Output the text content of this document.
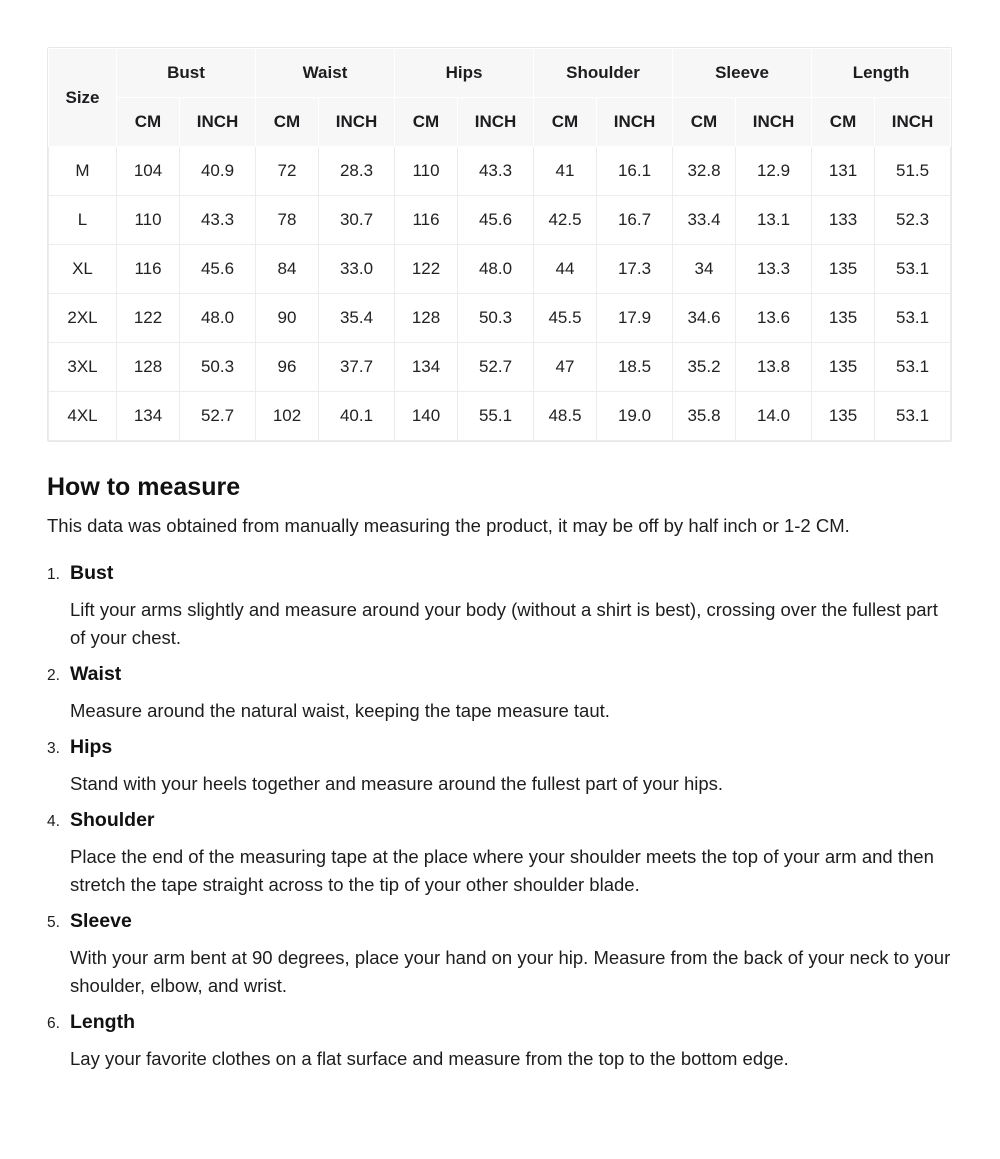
Size	Bust		Waist		Hips		Shoulder		Sleeve		Length	
	CM	INCH	CM	INCH	CM	INCH	CM	INCH	CM	INCH	CM	INCH
M	104	40.9	72	28.3	110	43.3	41	16.1	32.8	12.9	131	51.5
L	110	43.3	78	30.7	116	45.6	42.5	16.7	33.4	13.1	133	52.3
XL	116	45.6	84	33.0	122	48.0	44	17.3	34	13.3	135	53.1
2XL	122	48.0	90	35.4	128	50.3	45.5	17.9	34.6	13.6	135	53.1
3XL	128	50.3	96	37.7	134	52.7	47	18.5	35.2	13.8	135	53.1
4XL	134	52.7	102	40.1	140	55.1	48.5	19.0	35.8	14.0	135	53.1
How to measure

This data was obtained from manually measuring the product, it may be off by half inch or 1-2 CM.

1. Bust

Lift your arms slightly and measure around your body (without a shirt is best), crossing over the fullest part of your chest.

2. Waist

Measure around the natural waist, keeping the tape measure taut.

3. Hips

Stand with your heels together and measure around the fullest part of your hips.

4. Shoulder

Place the end of the measuring tape at the place where your shoulder meets the top of your arm and then stretch the tape straight across to the tip of your other shoulder blade.

5. Sleeve

With your arm bent at 90 degrees, place your hand on your hip. Measure from the back of your neck to your shoulder, elbow, and wrist.

6. Length

Lay your favorite clothes on a flat surface and measure from the top to the bottom edge.
